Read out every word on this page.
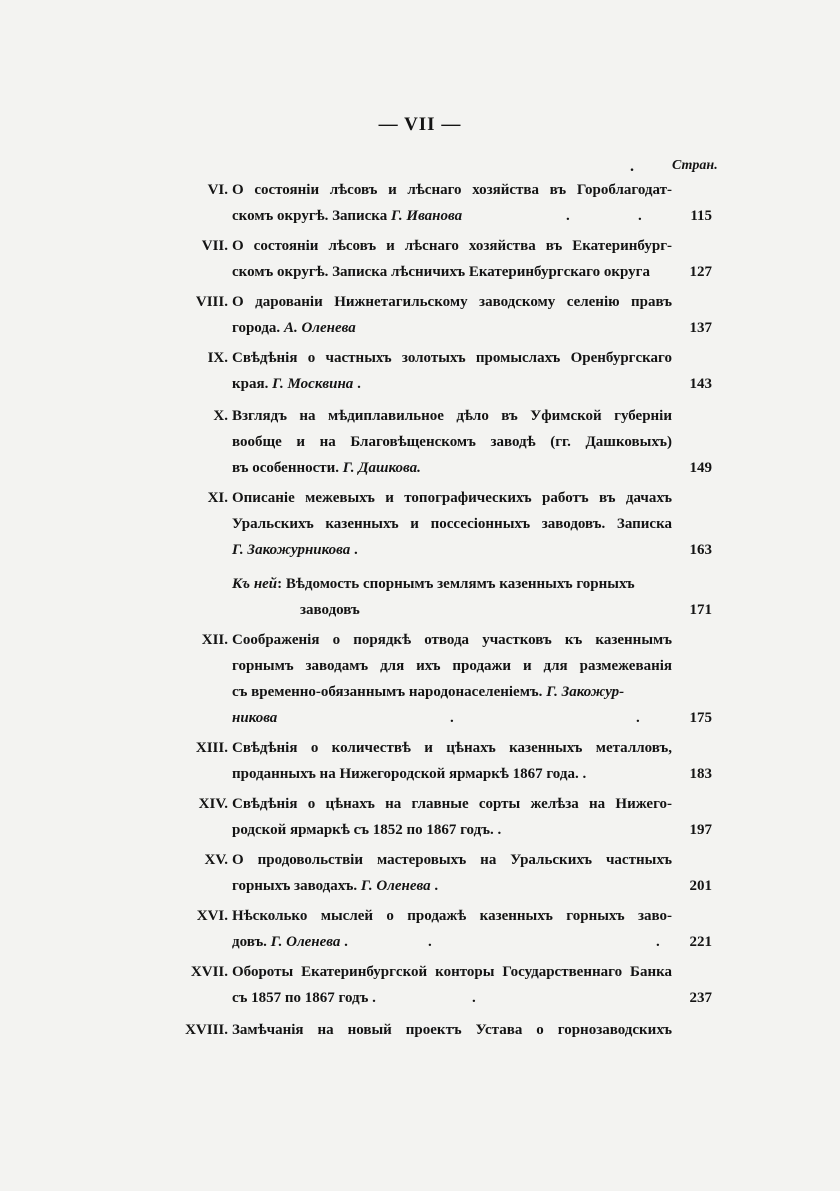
— VII —
.	Стран.
VI. О состояніи лѣсовъ и лѣснаго хозяйства въ Гороблагодат-
скомъ округѣ. Записка Г. Иванова	.	.	115
VII. О состояніи лѣсовъ и лѣснаго хозяйства въ Екатеринбург-
скомъ округѣ. Записка лѣсничихъ Екатеринбургскаго округа	127
VIII. О дарованіи Нижнетагильскому заводскому селенію правъ
города. А. Оленева	137
IX. Свѣдѣнія о частныхъ золотыхъ промыслахъ Оренбургскаго
края. Г. Москвина .	143
X. Взглядъ на мѣдиплавильное дѣло въ Уфимской губерніи
вообще и на Благовѣщенскомъ заводѣ (гг. Дашковыхъ)
въ особенности. Г. Дашкова.	149
XI. Описаніе межевыхъ и топографическихъ работъ въ дачахъ
Уральскихъ казенныхъ и поссесіонныхъ заводовъ. Записка
Г. Закожурникова .	163
Къ ней: Вѣдомость спорнымъ землямъ казенныхъ горныхъ
заводовъ	171
XII. Соображенія о порядкѣ отвода участковъ къ казеннымъ
горнымъ заводамъ для ихъ продажи и для размежеванія
съ временно-обязаннымъ народонаселеніемъ. Г. Закожур-
никова	.	.	175
XIII. Свѣдѣнія о количествѣ и цѣнахъ казенныхъ металловъ,
проданныхъ на Нижегородской ярмаркѣ 1867 года. .	183
XIV. Свѣдѣнія о цѣнахъ на главные сорты желѣза на Нижего-
родской ярмаркѣ съ 1852 по 1867 годъ. .	197
XV. О продовольствіи мастеровыхъ на Уральскихъ частныхъ
горныхъ заводахъ. Г. Оленева .	201
XVI. Нѣсколько мыслей о продажѣ казенныхъ горныхъ заво-
довъ. Г. Оленева .	.	.	221
XVII. Обороты Екатеринбургской конторы Государственнаго Банка
съ 1857 по 1867 годъ .	.	237
XVIII. Замѣчанія на новый проектъ Устава о горнозаводскихъ
